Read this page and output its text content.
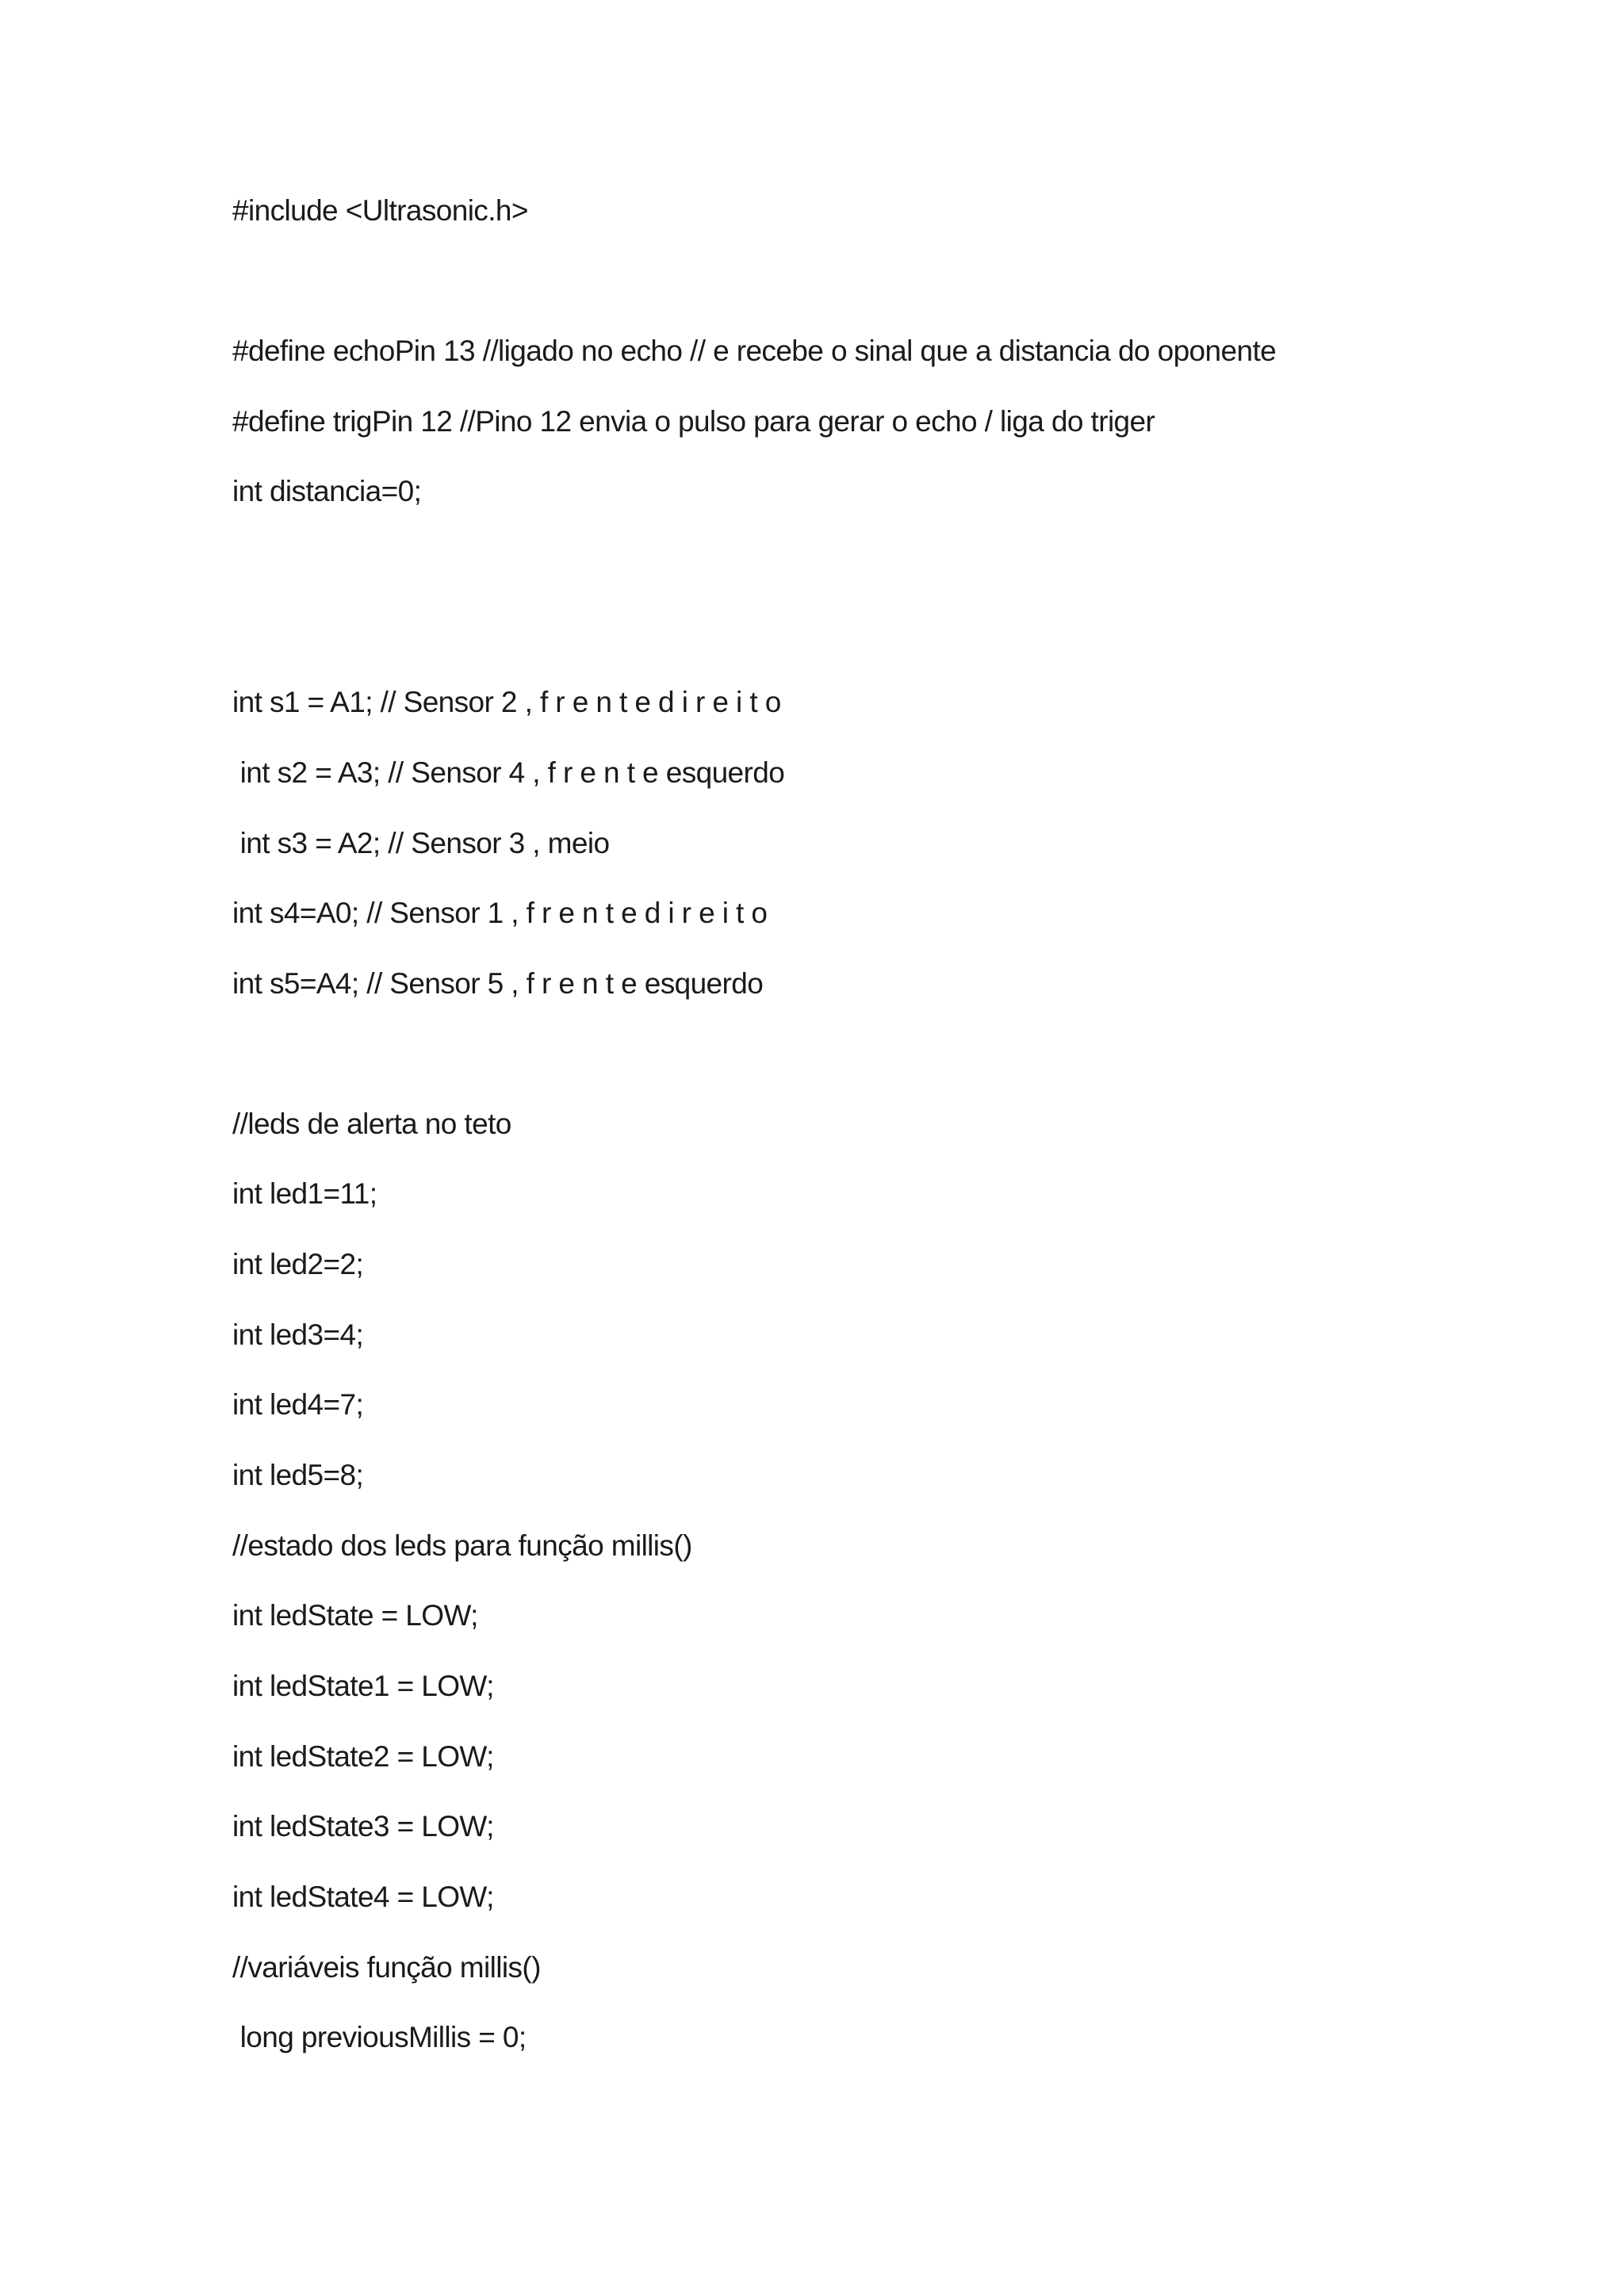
#include <Ultrasonic.h>
#define echoPin 13 //ligado no echo // e recebe o sinal que a distancia do oponente
#define trigPin 12 //Pino 12 envia o pulso para gerar o echo / liga do triger
int distancia=0;
int s1 = A1; // Sensor 2 , f r e n t e d i r e i t o
int s2 = A3; // Sensor 4 , f r e n t e esquerdo
int s3 = A2; // Sensor 3 , meio
int s4=A0; // Sensor 1 , f r e n t e d i r e i t o
int s5=A4; // Sensor 5 , f r e n t e esquerdo
//leds de alerta no teto
int led1=11;
int led2=2;
int led3=4;
int led4=7;
int led5=8;
//estado dos leds para função millis()
int ledState = LOW;
int ledState1 = LOW;
int ledState2 = LOW;
int ledState3 = LOW;
int ledState4 = LOW;
//variáveis função millis()
long previousMillis = 0;
